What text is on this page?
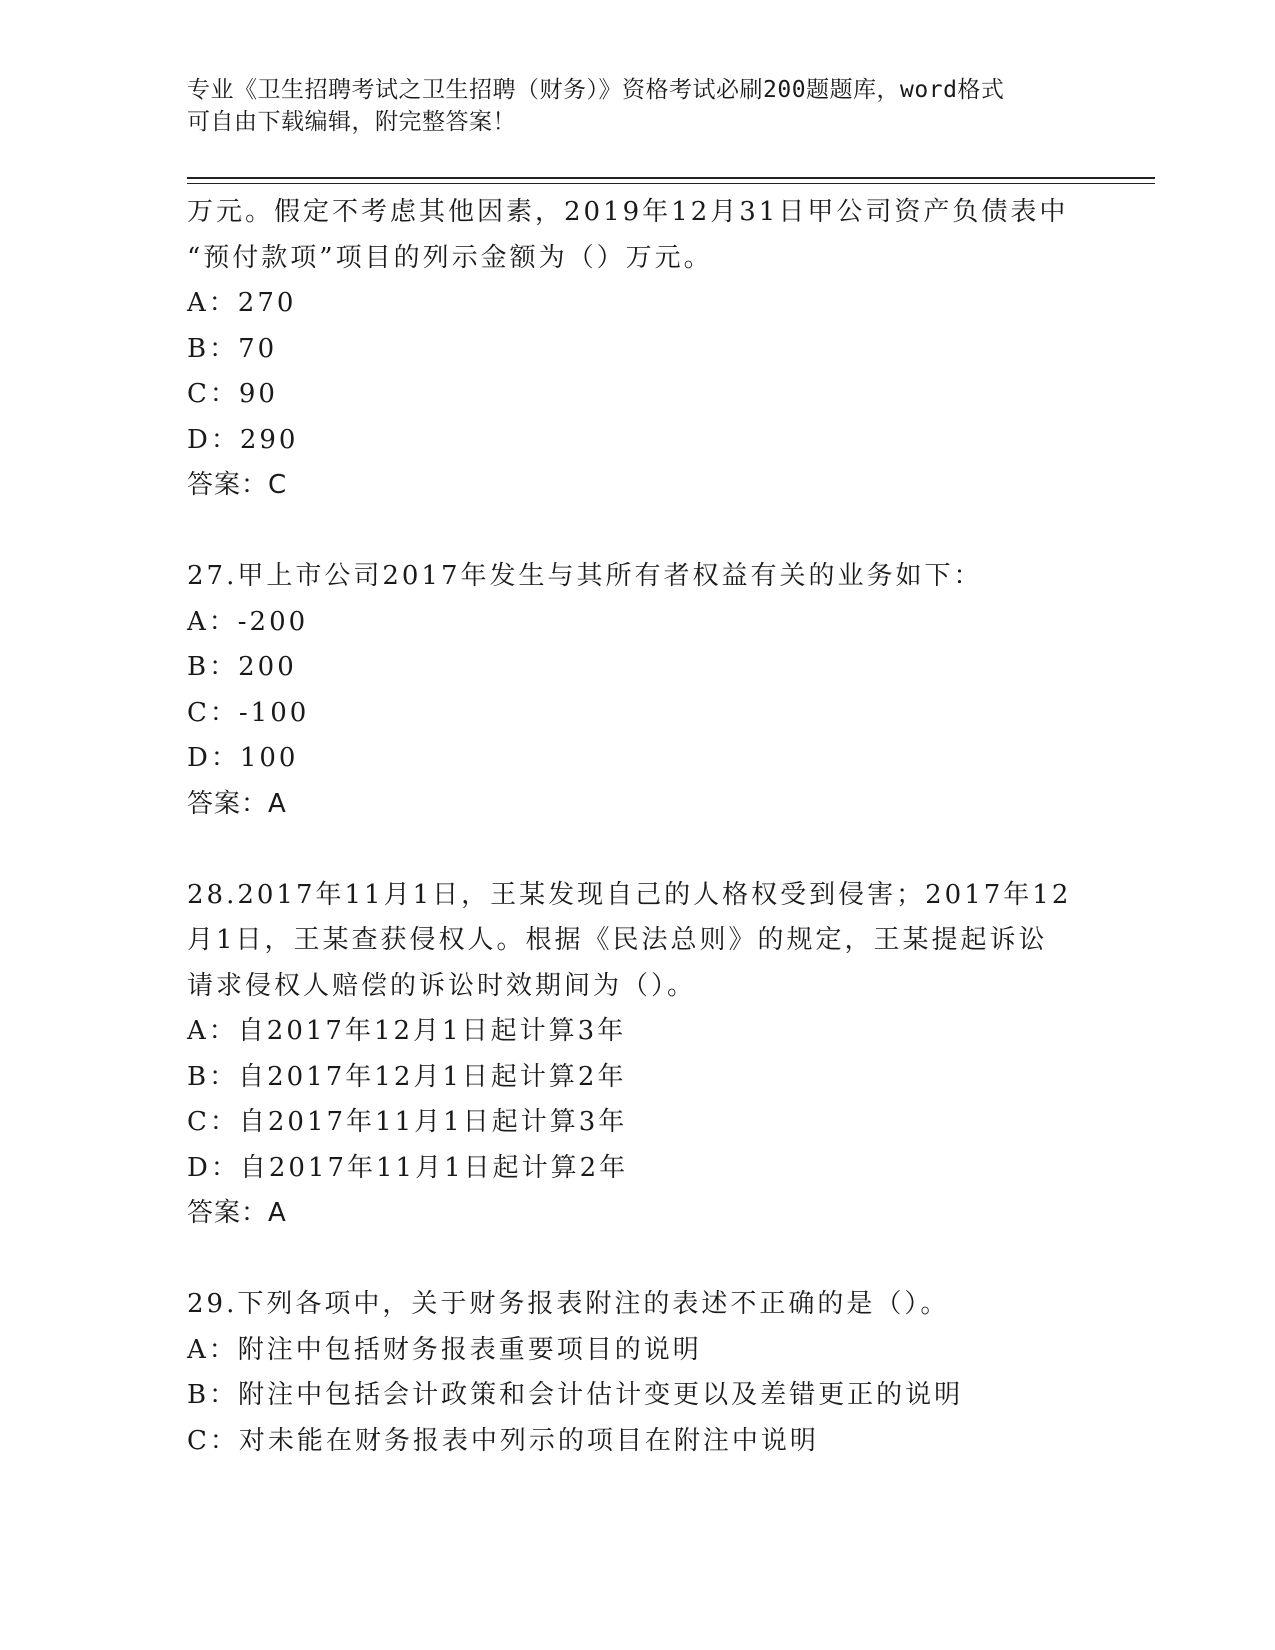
专业《卫生招聘考试之卫生招聘（财务）》资格考试必刷200题题库，word格式
可自由下载编辑，附完整答案！
万元。假定不考虑其他因素，2019年12月31日甲公司资产负债表中
“预付款项”项目的列示金额为（）万元。
A：270
B：70
C：90
D：290
答案：C
27.甲上市公司2017年发生与其所有者权益有关的业务如下：
A：-200
B：200
C：-100
D：100
答案：A
28.2017年11月1日，王某发现自己的人格权受到侵害；2017年12
月1日，王某查获侵权人。根据《民法总则》的规定，王某提起诉讼
请求侵权人赔偿的诉讼时效期间为（）。
A：自2017年12月1日起计算3年
B：自2017年12月1日起计算2年
C：自2017年11月1日起计算3年
D：自2017年11月1日起计算2年
答案：A
29.下列各项中，关于财务报表附注的表述不正确的是（）。
A：附注中包括财务报表重要项目的说明
B：附注中包括会计政策和会计估计变更以及差错更正的说明
C：对未能在财务报表中列示的项目在附注中说明
